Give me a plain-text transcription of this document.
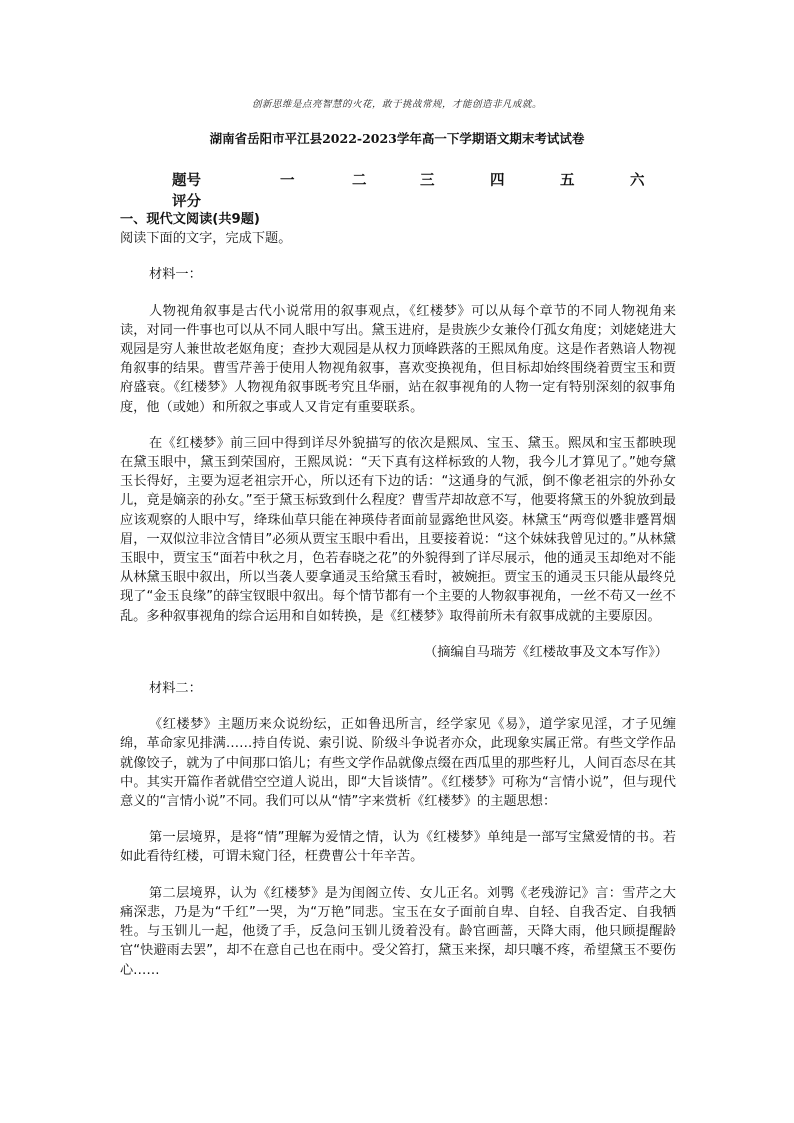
创新思维是点亮智慧的火花，敢于挑战常规，才能创造非凡成就。
湖南省岳阳市平江县2022-2023学年高一下学期语文期末考试试卷
题号	一	二	三	四	五	六
评分

一、现代文阅读(共9题)

阅读下面的文字，完成下题。

材料一：

人物视角叙事是古代小说常用的叙事观点，《红楼梦》可以从每个章节的不同人物视角来读，对同一件事也可以从不同人眼中写出。黛玉进府，是贵族少女兼伶仃孤女角度；刘姥姥进大观园是穷人兼世故老妪角度；查抄大观园是从权力顶峰跌落的王熙凤角度。这是作者熟谙人物视角叙事的结果。曹雪芹善于使用人物视角叙事，喜欢变换视角，但目标却始终围绕着贾宝玉和贾府盛衰。《红楼梦》人物视角叙事既考究且华丽，站在叙事视角的人物一定有特别深刻的叙事角度，他（或她）和所叙之事或人又肯定有重要联系。

在《红楼梦》前三回中得到详尽外貌描写的依次是熙凤、宝玉、黛玉。熙凤和宝玉都映现在黛玉眼中，黛玉到荣国府，王熙凤说：“天下真有这样标致的人物，我今儿才算见了。”她夸黛玉长得好，主要为逗老祖宗开心，所以还有下边的话：“这通身的气派，倒不像老祖宗的外孙女儿，竟是嫡亲的孙女。”至于黛玉标致到什么程度？曹雪芹却故意不写，他要将黛玉的外貌放到最应该观察的人眼中写，绛珠仙草只能在神瑛侍者面前显露绝世风姿。林黛玉“两弯似蹙非蹙罥烟眉，一双似泣非泣含情目”必须从贾宝玉眼中看出，且要接着说：“这个妹妹我曾见过的。”从林黛玉眼中，贾宝玉“面若中秋之月，色若春晓之花”的外貌得到了详尽展示，他的通灵玉却绝对不能从林黛玉眼中叙出，所以当袭人要拿通灵玉给黛玉看时，被婉拒。贾宝玉的通灵玉只能从最终兑现了“金玉良缘”的薛宝钗眼中叙出。每个情节都有一个主要的人物叙事视角，一丝不苟又一丝不乱。多种叙事视角的综合运用和自如转换，是《红楼梦》取得前所未有叙事成就的主要原因。

（摘编自马瑞芳《红楼故事及文本写作》）

材料二：

《红楼梦》主题历来众说纷纭，正如鲁迅所言，经学家见《易》，道学家见淫，才子见缠绵，革命家见排满……持自传说、索引说、阶级斗争说者亦众，此现象实属正常。有些文学作品就像饺子，就为了中间那口馅儿；有些文学作品就像点缀在西瓜里的那些籽儿，人间百态尽在其中。其实开篇作者就借空空道人说出，即“大旨谈情”。《红楼梦》可称为“言情小说”，但与现代意义的“言情小说”不同。我们可以从“情”字来赏析《红楼梦》的主题思想：

第一层境界，是将“情”理解为爱情之情，认为《红楼梦》单纯是一部写宝黛爱情的书。若如此看待红楼，可谓未窥门径，枉费曹公十年辛苦。

第二层境界，认为《红楼梦》是为闺阁立传、女儿正名。刘鹗《老残游记》言：雪芹之大痛深悲，乃是为“千红”一哭，为“万艳”同悲。宝玉在女子面前自卑、自轻、自我否定、自我牺牲。与玉钏儿一起，他烫了手，反急问玉钏儿烫着没有。龄官画蔷，天降大雨，他只顾提醒龄官“快避雨去罢”，却不在意自己也在雨中。受父笞打，黛玉来探，却只嚷不疼，希望黛玉不要伤心……
